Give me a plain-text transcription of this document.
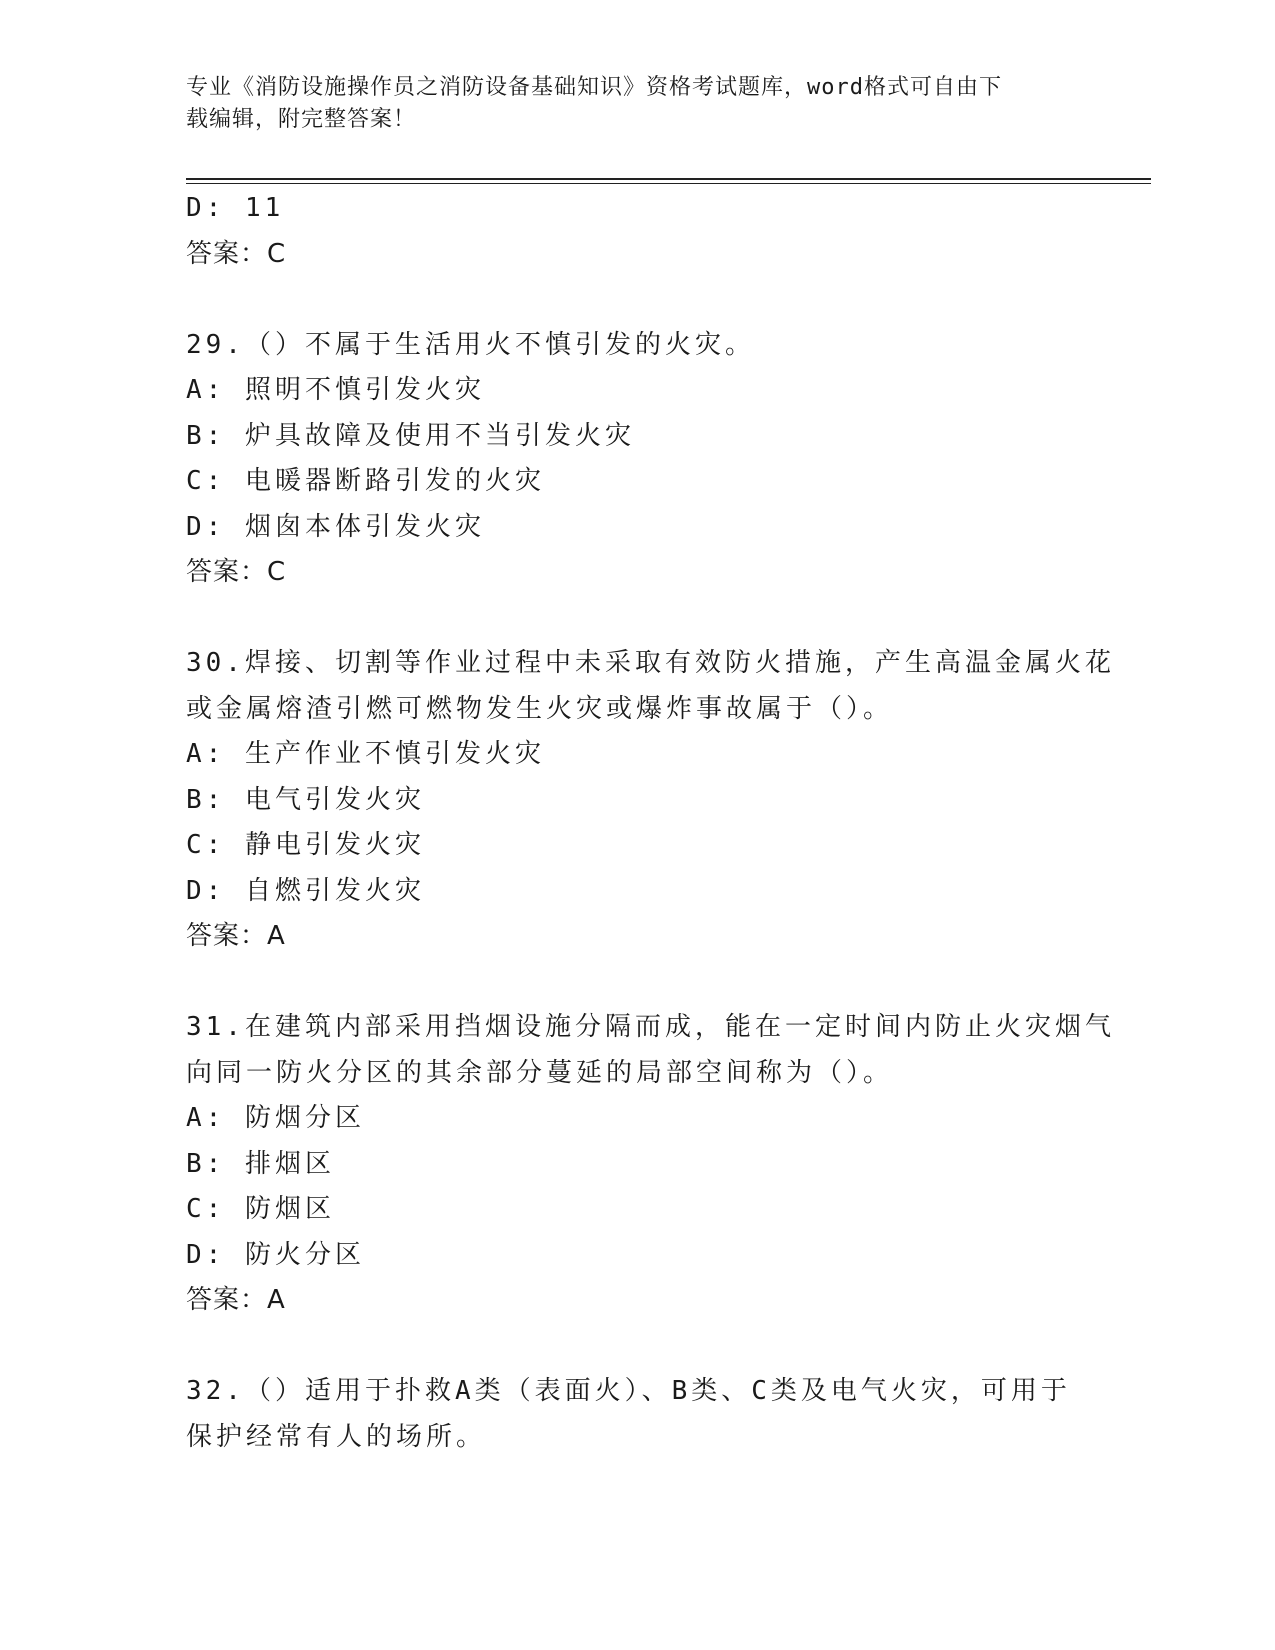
专业《消防设施操作员之消防设备基础知识》资格考试题库，word格式可自由下
载编辑，附完整答案！
D: 11
答案：C
29.（）不属于生活用火不慎引发的火灾。
A: 照明不慎引发火灾
B: 炉具故障及使用不当引发火灾
C: 电暖器断路引发的火灾
D: 烟囱本体引发火灾
答案：C
30.焊接、切割等作业过程中未采取有效防火措施，产生高温金属火花
或金属熔渣引燃可燃物发生火灾或爆炸事故属于（）。
A: 生产作业不慎引发火灾
B: 电气引发火灾
C: 静电引发火灾
D: 自燃引发火灾
答案：A
31.在建筑内部采用挡烟设施分隔而成，能在一定时间内防止火灾烟气
向同一防火分区的其余部分蔓延的局部空间称为（）。
A: 防烟分区
B: 排烟区
C: 防烟区
D: 防火分区
答案：A
32.（）适用于扑救A类（表面火）、B类、C类及电气火灾，可用于
保护经常有人的场所。
